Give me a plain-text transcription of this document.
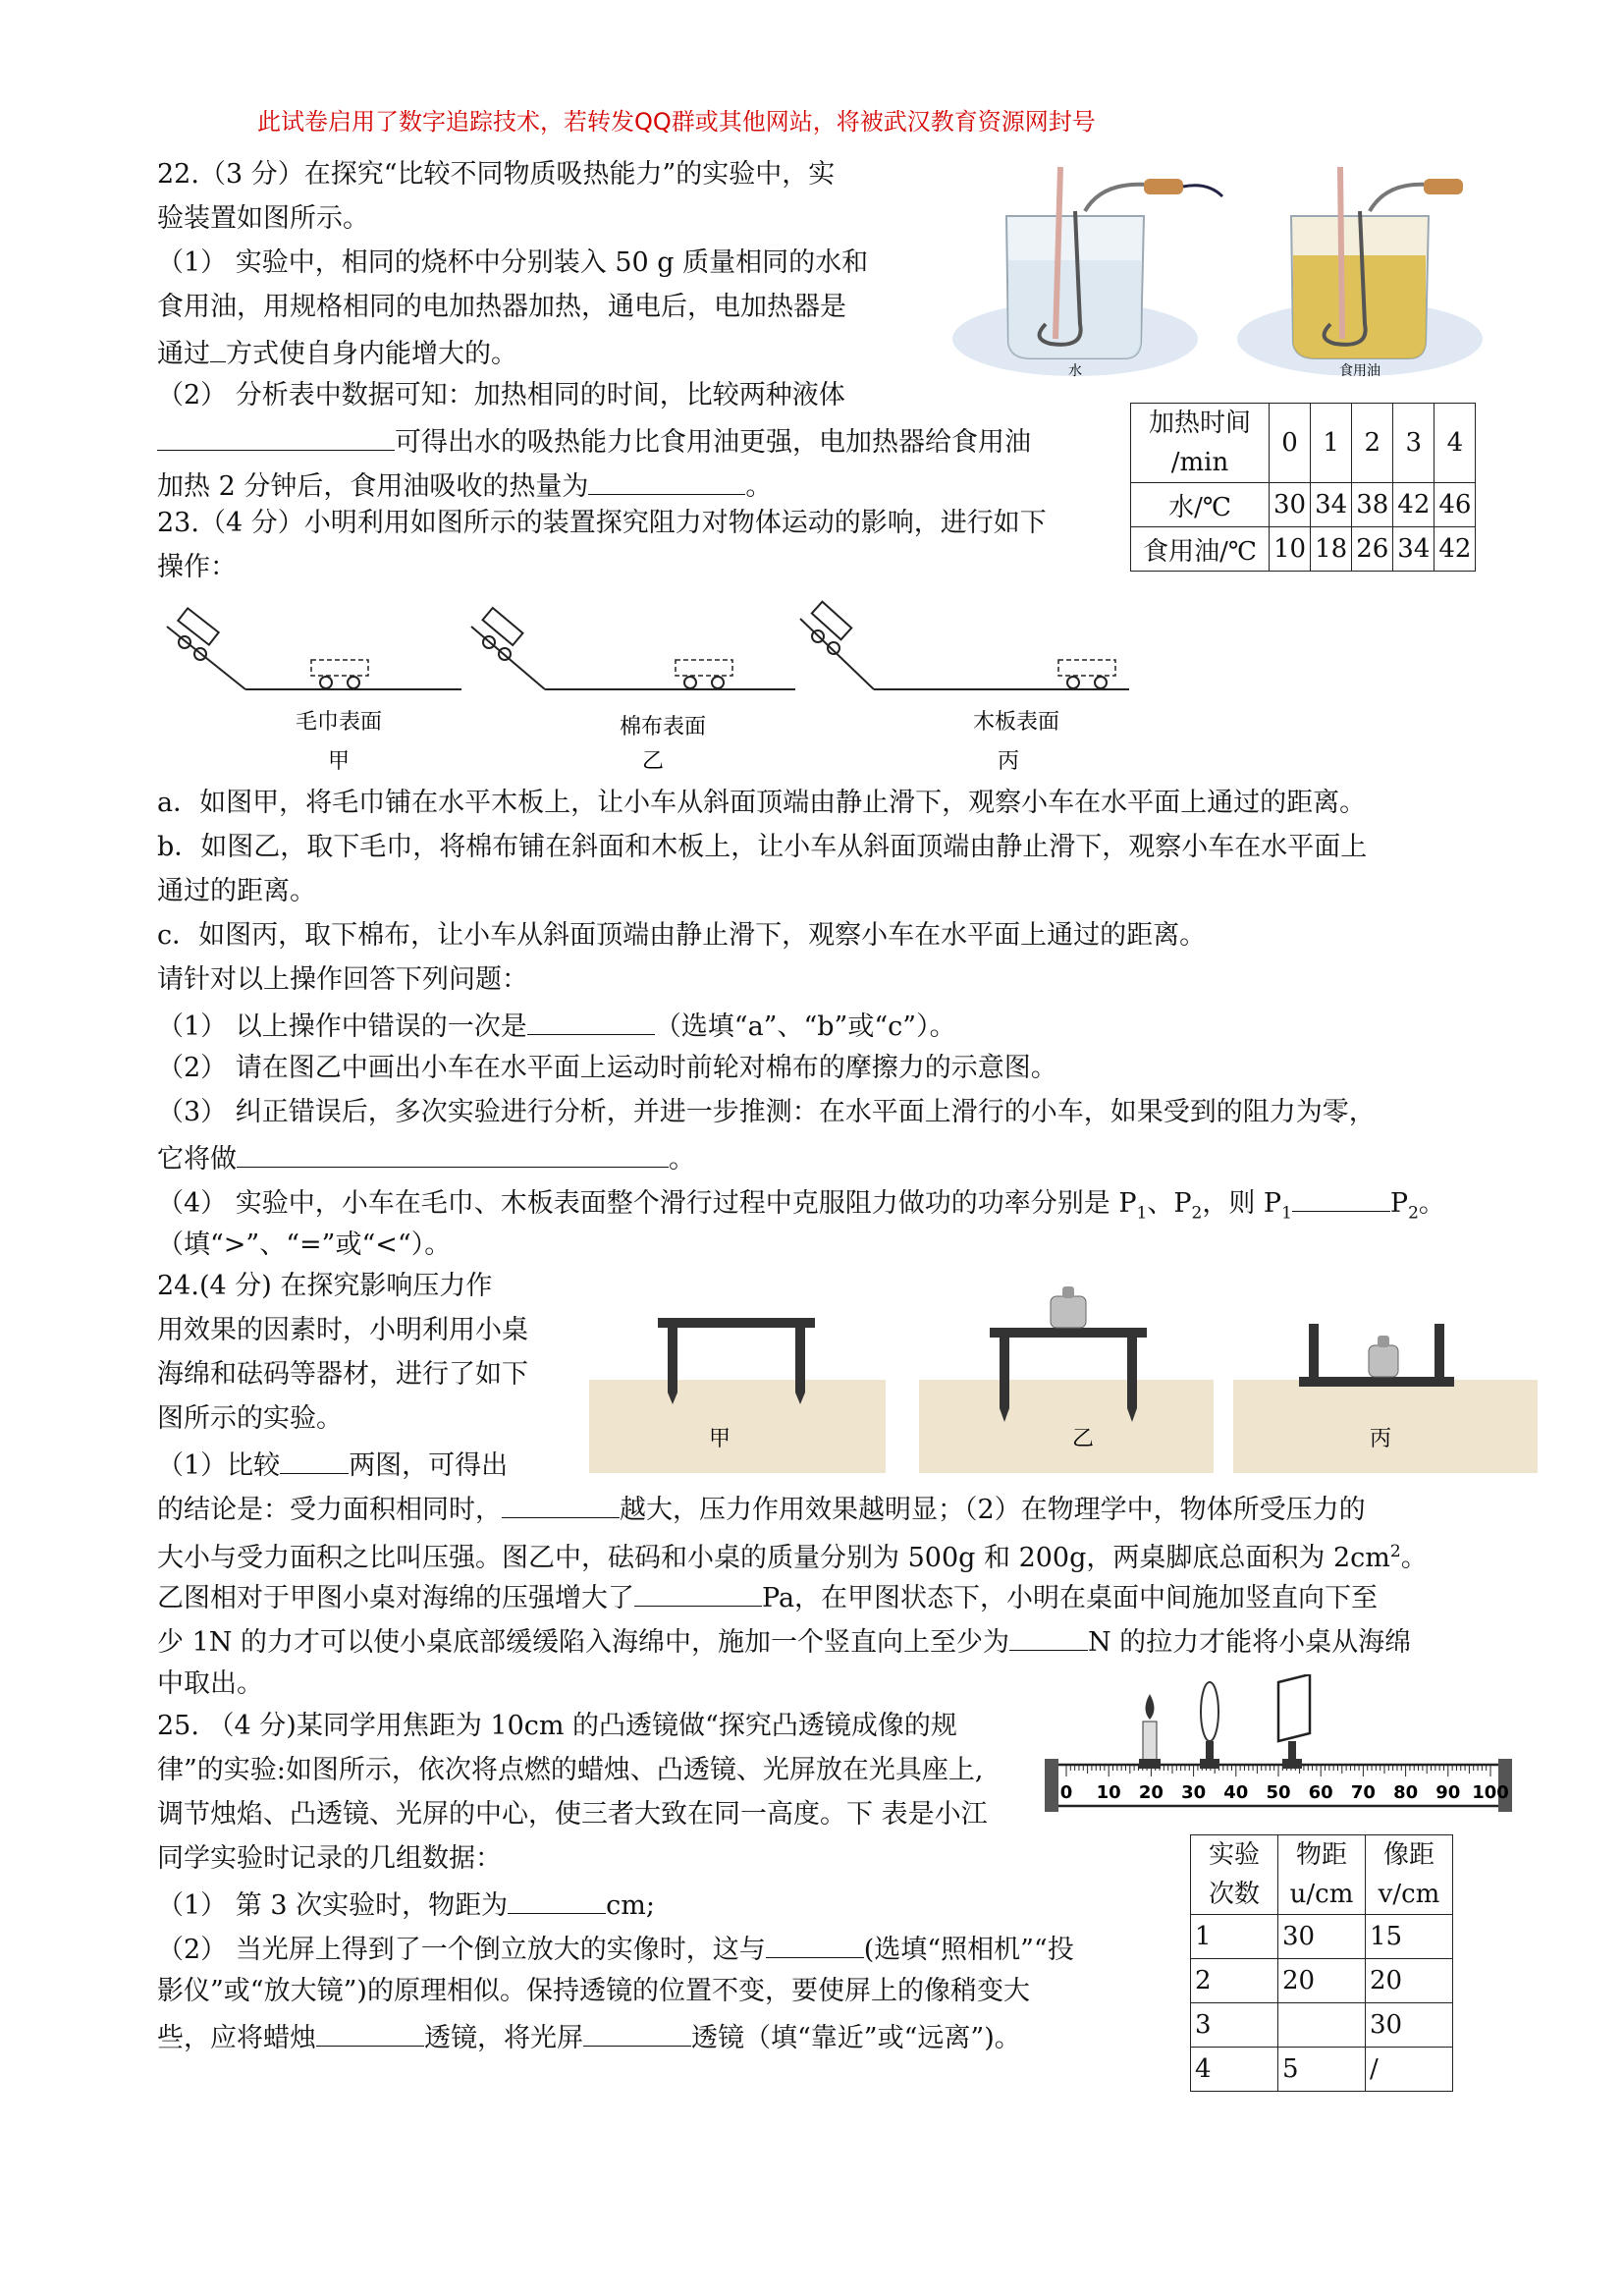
此试卷启用了数字追踪技术，若转发QQ群或其他网站，将被武汉教育资源网封号
22.（3 分）在探究“比较不同物质吸热能力”的实验中，实
验装置如图所示。
（1） 实验中，相同的烧杯中分别装入 50 g 质量相同的水和
食用油，用规格相同的电加热器加热，通电后，电加热器是
通过 方式使自身内能增大的。
（2） 分析表中数据可知：加热相同的时间，比较两种液体
可得出水的吸热能力比食用油更强，电加热器给食用油
加热 2 分钟后，食用油吸收的热量为	。
水	食用油
加热时间
/min	0	1	2	3	4
水/℃	30	34	38	42	46
食用油/℃	10	18	26	34	42
23.（4 分）小明利用如图所示的装置探究阻力对物体运动的影响，进行如下
操作：
毛巾表面	棉布表面	木板表面
甲	乙	丙
a．如图甲，将毛巾铺在水平木板上，让小车从斜面顶端由静止滑下，观察小车在水平面上通过的距离。
b．如图乙，取下毛巾，将棉布铺在斜面和木板上，让小车从斜面顶端由静止滑下，观察小车在水平面上
通过的距离。
c．如图丙，取下棉布，让小车从斜面顶端由静止滑下，观察小车在水平面上通过的距离。
请针对以上操作回答下列问题：
（1） 以上操作中错误的一次是	（选填“a”、“b”或“c”）。
（2） 请在图乙中画出小车在水平面上运动时前轮对棉布的摩擦力的示意图。
（3） 纠正错误后，多次实验进行分析，并进一步推测：在水平面上滑行的小车，如果受到的阻力为零，
它将做	。
（4） 实验中，小车在毛巾、木板表面整个滑行过程中克服阻力做功的功率分别是 $P_1$、$P_2$，则 $P_1$	$P_2$。
（填“>”、“=”或“<“）。
24.(4 分) 在探究影响压力作
用效果的因素时，小明利用小桌
海绵和砝码等器材，进行了如下
图所示的实验。
（1）比较	两图，可得出
甲	乙	丙
的结论是：受力面积相同时，	越大，压力作用效果越明显；（2）在物理学中，物体所受压力的
大小与受力面积之比叫压强。图乙中，砝码和小桌的质量分别为 500g 和 200g，两桌脚底总面积为 $2cm^2$。
乙图相对于甲图小桌对海绵的压强增大了	Pa，在甲图状态下，小明在桌面中间施加竖直向下至
少 1N 的力才可以使小桌底部缓缓陷入海绵中，施加一个竖直向上至少为	N 的拉力才能将小桌从海绵
中取出。
25. （4 分)某同学用焦距为 10cm 的凸透镜做“探究凸透镜成像的规
律”的实验:如图所示，依次将点燃的蜡烛、凸透镜、光屏放在光具座上,
调节烛焰、凸透镜、光屏的中心，使三者大致在同一高度。下 表是小江
同学实验时记录的几组数据：
（1） 第 3 次实验时，物距为	cm;
（2） 当光屏上得到了一个倒立放大的实像时，这与	(选填“照相机”“投
影仪”或“放大镜”)的原理相似。保持透镜的位置不变，要使屏上的像稍变大
些，应将蜡烛	透镜，将光屏	透镜（填“靠近”或“远离”)。
0 10 20 30 40 50 60 70 80 90 100
实验
次数	物距
u/cm	像距
v/cm
1	30	15
2	20	20
3		30
4	5	/
